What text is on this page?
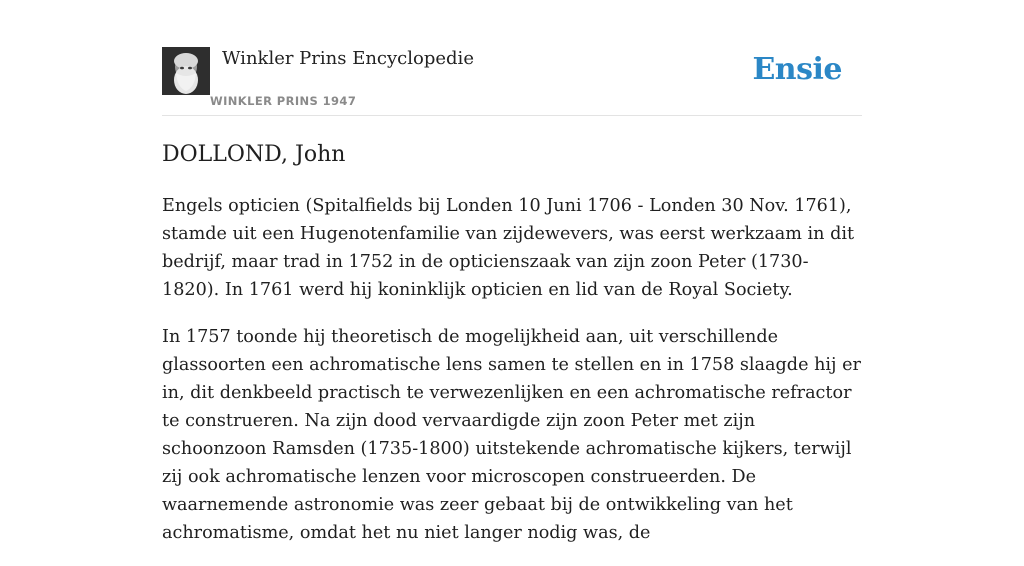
Winkler Prins Encyclopedie
WINKLER PRINS 1947
Ensie
DOLLOND, John

Engels opticien (Spitalfields bij Londen 10 Juni 1706 - Londen 30 Nov. 1761), stamde uit een Hugenotenfamilie van zijdewevers, was eerst werkzaam in dit bedrijf, maar trad in 1752 in de opticienszaak van zijn zoon Peter (1730-1820). In 1761 werd hij koninklijk opticien en lid van de Royal Society.

In 1757 toonde hij theoretisch de mogelijkheid aan, uit verschillende glassoorten een achromatische lens samen te stellen en in 1758 slaagde hij er in, dit denkbeeld practisch te verwezenlijken en een achromatische refractor te construeren. Na zijn dood vervaardigde zijn zoon Peter met zijn schoonzoon Ramsden (1735-1800) uitstekende achromatische kijkers, terwijl zij ook achromatische lenzen voor microscopen construeerden. De waarnemende astronomie was zeer gebaat bij de ontwikkeling van het achromatisme, omdat het nu niet langer nodig was, de
